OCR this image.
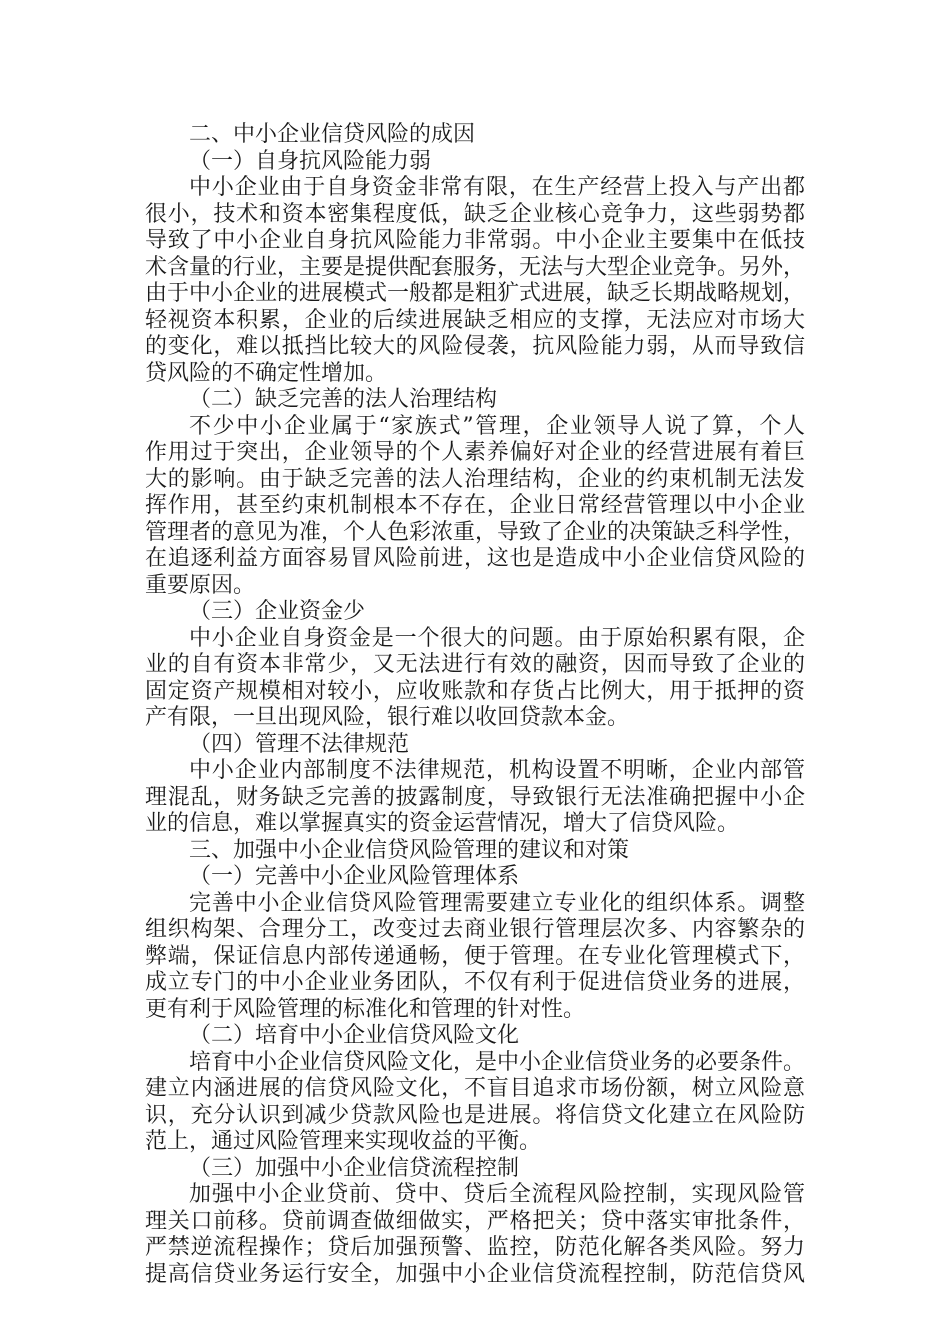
二、中小企业信贷风险的成因
（一）自身抗风险能力弱
中小企业由于自身资金非常有限，在生产经营上投入与产出都
很小，技术和资本密集程度低，缺乏企业核心竞争力，这些弱势都
导致了中小企业自身抗风险能力非常弱。中小企业主要集中在低技
术含量的行业，主要是提供配套服务，无法与大型企业竞争。另外，
由于中小企业的进展模式一般都是粗犷式进展，缺乏长期战略规划，
轻视资本积累，企业的后续进展缺乏相应的支撑，无法应对市场大
的变化，难以抵挡比较大的风险侵袭，抗风险能力弱，从而导致信
贷风险的不确定性增加。
（二）缺乏完善的法人治理结构
不少中小企业属于“家族式”管理，企业领导人说了算，个人
作用过于突出，企业领导的个人素养偏好对企业的经营进展有着巨
大的影响。由于缺乏完善的法人治理结构，企业的约束机制无法发
挥作用，甚至约束机制根本不存在，企业日常经营管理以中小企业
管理者的意见为准，个人色彩浓重，导致了企业的决策缺乏科学性，
在追逐利益方面容易冒风险前进，这也是造成中小企业信贷风险的
重要原因。
（三）企业资金少
中小企业自身资金是一个很大的问题。由于原始积累有限，企
业的自有资本非常少，又无法进行有效的融资，因而导致了企业的
固定资产规模相对较小，应收账款和存货占比例大，用于抵押的资
产有限，一旦出现风险，银行难以收回贷款本金。
（四）管理不法律规范
中小企业内部制度不法律规范，机构设置不明晰，企业内部管
理混乱，财务缺乏完善的披露制度，导致银行无法准确把握中小企
业的信息，难以掌握真实的资金运营情况，增大了信贷风险。
三、加强中小企业信贷风险管理的建议和对策
（一）完善中小企业风险管理体系
完善中小企业信贷风险管理需要建立专业化的组织体系。调整
组织构架、合理分工，改变过去商业银行管理层次多、内容繁杂的
弊端，保证信息内部传递通畅，便于管理。在专业化管理模式下，
成立专门的中小企业业务团队，不仅有利于促进信贷业务的进展，
更有利于风险管理的标准化和管理的针对性。
（二）培育中小企业信贷风险文化
培育中小企业信贷风险文化，是中小企业信贷业务的必要条件。
建立内涵进展的信贷风险文化，不盲目追求市场份额，树立风险意
识，充分认识到减少贷款风险也是进展。将信贷文化建立在风险防
范上，通过风险管理来实现收益的平衡。
（三）加强中小企业信贷流程控制
加强中小企业贷前、贷中、贷后全流程风险控制，实现风险管
理关口前移。贷前调查做细做实，严格把关；贷中落实审批条件，
严禁逆流程操作；贷后加强预警、监控，防范化解各类风险。努力
提高信贷业务运行安全，加强中小企业信贷流程控制，防范信贷风
